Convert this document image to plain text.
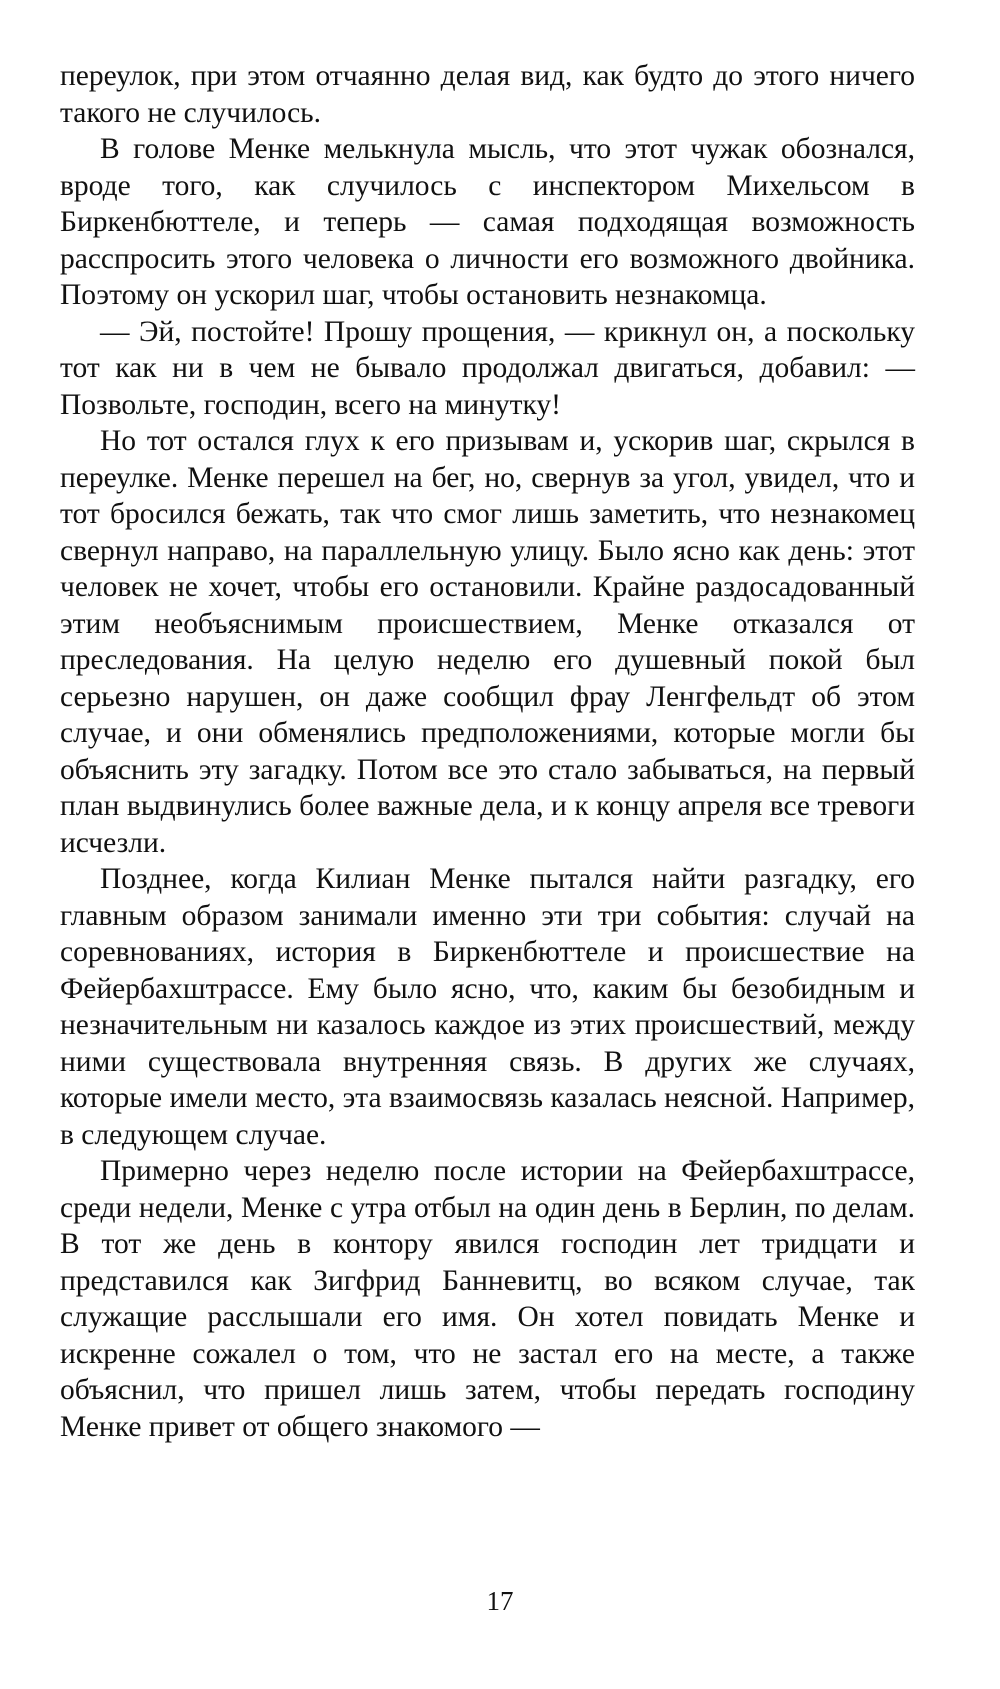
переулок, при этом отчаянно делая вид, как будто до этого ничего такого не случилось.

В голове Менке мелькнула мысль, что этот чужак обознался, вроде того, как случилось с инспектором Михельсом в Биркенбюттеле, и теперь — самая подходящая возможность расспросить этого человека о личности его возможного двойника. Поэтому он ускорил шаг, чтобы остановить незнакомца.

— Эй, постойте! Прошу прощения, — крикнул он, а поскольку тот как ни в чем не бывало продолжал двигаться, добавил: — Позвольте, господин, всего на минутку!

Но тот остался глух к его призывам и, ускорив шаг, скрылся в переулке. Менке перешел на бег, но, свернув за угол, увидел, что и тот бросился бежать, так что смог лишь заметить, что незнакомец свернул направо, на параллельную улицу. Было ясно как день: этот человек не хочет, чтобы его остановили. Крайне раздосадованный этим необъяснимым происшествием, Менке отказался от преследования. На целую неделю его душевный покой был серьезно нарушен, он даже сообщил фрау Ленгфельдт об этом случае, и они обменялись предположениями, которые могли бы объяснить эту загадку. Потом все это стало забываться, на первый план выдвинулись более важные дела, и к концу апреля все тревоги исчезли.

Позднее, когда Килиан Менке пытался найти разгадку, его главным образом занимали именно эти три события: случай на соревнованиях, история в Биркенбюттеле и происшествие на Фейербахштрассе. Ему было ясно, что, каким бы безобидным и незначительным ни казалось каждое из этих происшествий, между ними существовала внутренняя связь. В других же случаях, которые имели место, эта взаимосвязь казалась неясной. Например, в следующем случае.

Примерно через неделю после истории на Фейербахштрассе, среди недели, Менке с утра отбыл на один день в Берлин, по делам. В тот же день в контору явился господин лет тридцати и представился как Зигфрид Банневитц, во всяком случае, так служащие расслышали его имя. Он хотел повидать Менке и искренне сожалел о том, что не застал его на месте, а также объяснил, что пришел лишь затем, чтобы передать господину Менке привет от общего знакомого —

17
